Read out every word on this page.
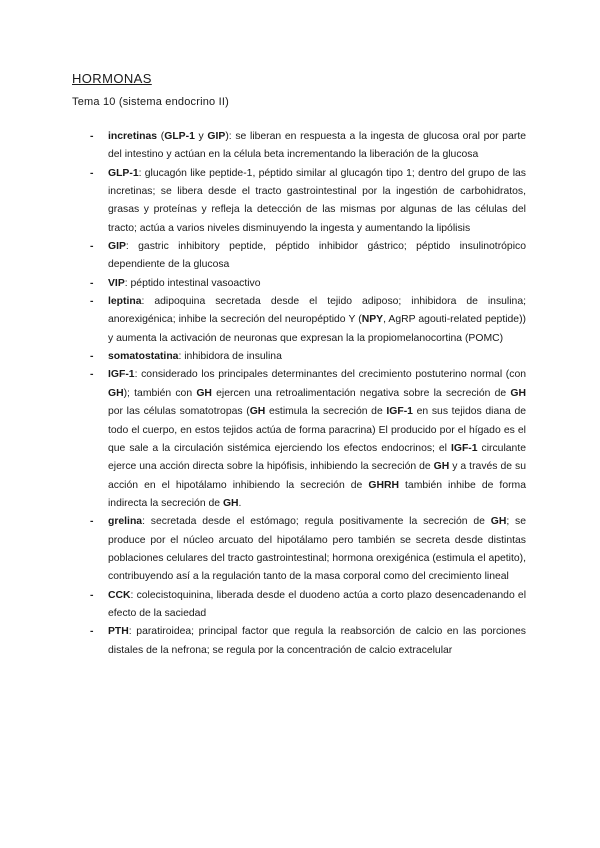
HORMONAS
Tema 10 (sistema endocrino II)
- incretinas (GLP-1 y GIP): se liberan en respuesta a la ingesta de glucosa oral por parte del intestino y actúan en la célula beta incrementando la liberación de la glucosa
- GLP-1: glucagón like peptide-1, péptido similar al glucagón tipo 1; dentro del grupo de las incretinas; se libera desde el tracto gastrointestinal por la ingestión de carbohidratos, grasas y proteínas y refleja la detección de las mismas por algunas de las células del tracto; actúa a varios niveles disminuyendo la ingesta y aumentando la lipólisis
- GIP: gastric inhibitory peptide, péptido inhibidor gástrico; péptido insulinotrópico dependiente de la glucosa
- VIP: péptido intestinal vasoactivo
- leptina: adipoquina secretada desde el tejido adiposo; inhibidora de insulina; anorexigénica; inhibe la secreción del neuropéptido Y (NPY, AgRP agouti-related peptide)) y aumenta la activación de neuronas que expresan la la propiomelanocortina (POMC)
- somatostatina: inhibidora de insulina
- IGF-1: considerado los principales determinantes del crecimiento postuterino normal (con GH); también con GH ejercen una retroalimentación negativa sobre la secreción de GH por las células somatotropas (GH estimula la secreción de IGF-1 en sus tejidos diana de todo el cuerpo, en estos tejidos actúa de forma paracrina) El producido por el hígado es el que sale a la circulación sistémica ejerciendo los efectos endocrinos; el IGF-1 circulante ejerce una acción directa sobre la hipófisis, inhibiendo la secreción de GH y a través de su acción en el hipotálamo inhibiendo la secreción de GHRH también inhibe de forma indirecta la secreción de GH.
- grelina: secretada desde el estómago; regula positivamente la secreción de GH; se produce por el núcleo arcuato del hipotálamo pero también se secreta desde distintas poblaciones celulares del tracto gastrointestinal; hormona orexigénica (estimula el apetito), contribuyendo así a la regulación tanto de la masa corporal como del crecimiento lineal
- CCK: colecistoquinina, liberada desde el duodeno actúa a corto plazo desencadenando el efecto de la saciedad
- PTH: paratiroidea; principal factor que regula la reabsorción de calcio en las porciones distales de la nefrona; se regula por la concentración de calcio extracelular
